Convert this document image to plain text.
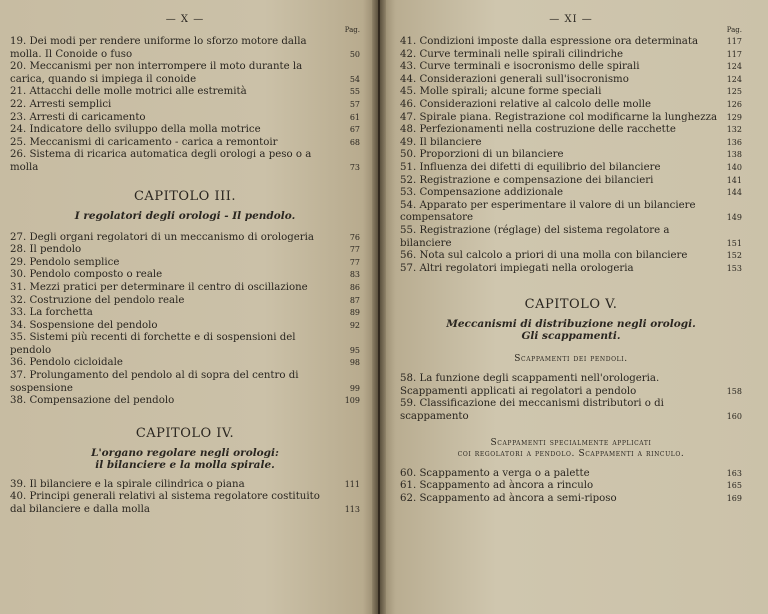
— X —
Pag.
19. Dei modi per rendere uniforme lo sforzo motore dalla molla. Il Conoide o fuso	50
20. Meccanismi per non interrompere il moto durante la carica, quando si impiega il conoide	54
21. Attacchi delle molle motrici alle estremità	55
22. Arresti semplici	57
23. Arresti di caricamento	61
24. Indicatore dello sviluppo della molla motrice	67
25. Meccanismi di caricamento - carica a remontoir	68
26. Sistema di ricarica automatica degli orologi a peso o a molla	73
CAPITOLO III.
I regolatori degli orologi - Il pendolo.
27. Degli organi regolatori di un meccanismo di orologeria	76
28. Il pendolo	77
29. Pendolo semplice	77
30. Pendolo composto o reale	83
31. Mezzi pratici per determinare il centro di oscillazione	86
32. Costruzione del pendolo reale	87
33. La forchetta	89
34. Sospensione del pendolo	92
35. Sistemi più recenti di forchette e di sospensioni del pendolo	95
36. Pendolo cicloidale	98
37. Prolungamento del pendolo al di sopra del centro di sospensione	99
38. Compensazione del pendolo	109
CAPITOLO IV.
L'organo regolare negli orologi:
il bilanciere e la molla spirale.
39. Il bilanciere e la spirale cilindrica o piana	111
40. Principi generali relativi al sistema regolatore costituito dal bilanciere e dalla molla	113
— XI —
Pag.
41. Condizioni imposte dalla espressione ora determinata	117
42. Curve terminali nelle spirali cilindriche	117
43. Curve terminali e isocronismo delle spirali	124
44. Considerazioni generali sull'isocronismo	124
45. Molle spirali; alcune forme speciali	125
46. Considerazioni relative al calcolo delle molle	126
47. Spirale piana. Registrazione col modificarne la lunghezza	129
48. Perfezionamenti nella costruzione delle racchette	132
49. Il bilanciere	136
50. Proporzioni di un bilanciere	138
51. Influenza dei difetti di equilibrio del bilanciere	140
52. Registrazione e compensazione dei bilancieri	141
53. Compensazione addizionale	144
54. Apparato per esperimentare il valore di un bilanciere compensatore	149
55. Registrazione (réglage) del sistema regolatore a bilanciere	151
56. Nota sul calcolo a priori di una molla con bilanciere	152
57. Altri regolatori impiegati nella orologeria	153
CAPITOLO V.
Meccanismi di distribuzione negli orologi.
Gli scappamenti.
Scappamenti dei pendoli.
58. La funzione degli scappamenti nell'orologeria. Scappamenti applicati ai regolatori a pendolo	158
59. Classificazione dei meccanismi distributori o di scappamento	160
Scappamenti specialmente applicati
coi regolatori a pendolo. Scappamenti a rinculo.
60. Scappamento a verga o a palette	163
61. Scappamento ad àncora a rinculo	165
62. Scappamento ad àncora a semi-riposo	169
